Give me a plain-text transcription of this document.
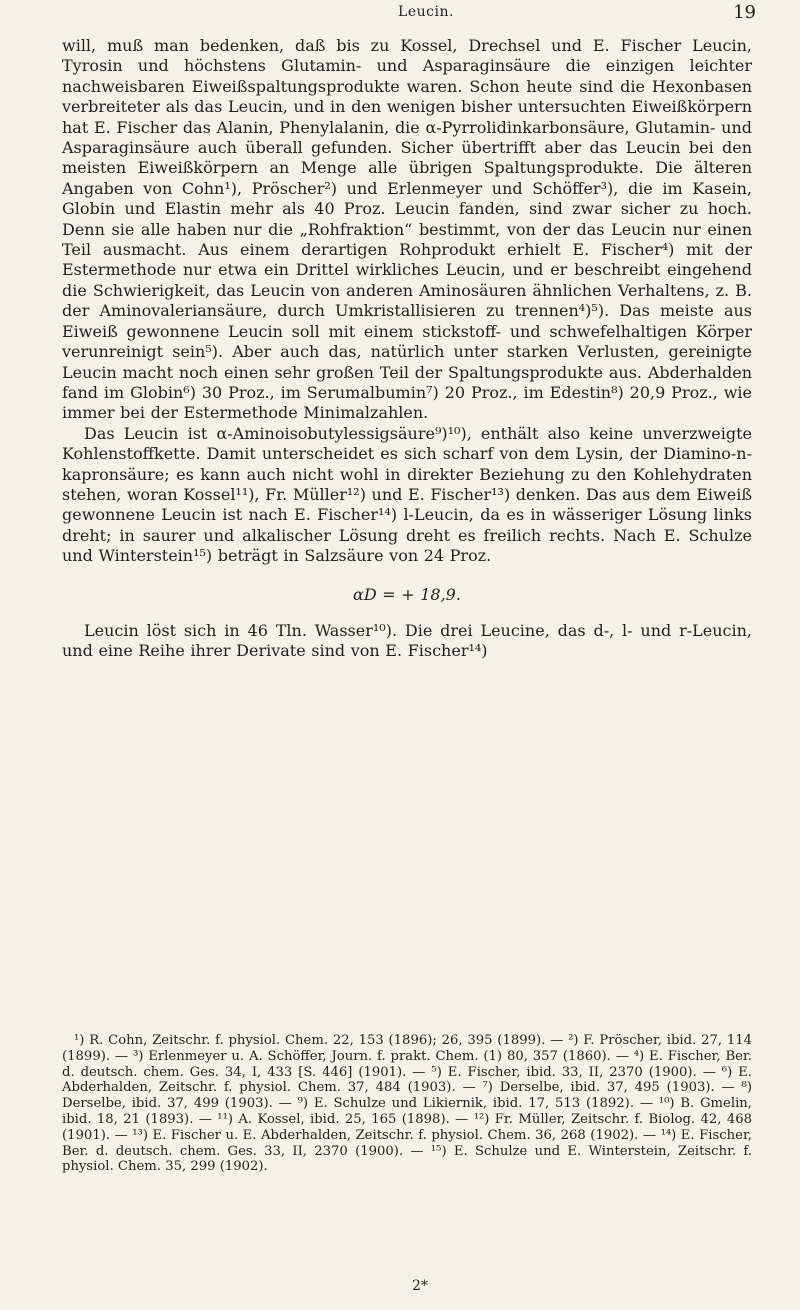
Leucin.	19

will, muß man bedenken, daß bis zu Kossel, Drechsel und E. Fischer Leucin, Tyrosin und höchstens Glutamin- und Asparaginsäure die einzigen leichter nachweisbaren Eiweißspaltungsprodukte waren. Schon heute sind die Hexonbasen verbreiteter als das Leucin, und in den wenigen bisher untersuchten Eiweißkörpern hat E. Fischer das Alanin, Phenylalanin, die α-Pyrrolidinkarbonsäure, Glutamin- und Asparaginsäure auch überall gefunden. Sicher übertrifft aber das Leucin bei den meisten Eiweißkörpern an Menge alle übrigen Spaltungsprodukte. Die älteren Angaben von Cohn¹), Pröscher²) und Erlenmeyer und Schöffer³), die im Kasein, Globin und Elastin mehr als 40 Proz. Leucin fanden, sind zwar sicher zu hoch. Denn sie alle haben nur die „Rohfraktion“ bestimmt, von der das Leucin nur einen Teil ausmacht. Aus einem derartigen Rohprodukt erhielt E. Fischer⁴) mit der Estermethode nur etwa ein Drittel wirkliches Leucin, und er beschreibt eingehend die Schwierigkeit, das Leucin von anderen Aminosäuren ähnlichen Verhaltens, z. B. der Aminovaleriansäure, durch Umkristallisieren zu trennen⁴)⁵). Das meiste aus Eiweiß gewonnene Leucin soll mit einem stickstoff- und schwefelhaltigen Körper verunreinigt sein⁵). Aber auch das, natürlich unter starken Verlusten, gereinigte Leucin macht noch einen sehr großen Teil der Spaltungsprodukte aus. Abderhalden fand im Globin⁶) 30 Proz., im Serumalbumin⁷) 20 Proz., im Edestin⁸) 20,9 Proz., wie immer bei der Estermethode Minimalzahlen.

Das Leucin ist α-Aminoisobutylessigsäure⁹)¹⁰), enthält also keine unverzweigte Kohlenstoffkette. Damit unterscheidet es sich scharf von dem Lysin, der Diamino-n-kapronsäure; es kann auch nicht wohl in direkter Beziehung zu den Kohlehydraten stehen, woran Kossel¹¹), Fr. Müller¹²) und E. Fischer¹³) denken. Das aus dem Eiweiß gewonnene Leucin ist nach E. Fischer¹⁴) l-Leucin, da es in wässeriger Lösung links dreht; in saurer und alkalischer Lösung dreht es freilich rechts. Nach E. Schulze und Winterstein¹⁵) beträgt in Salzsäure von 24 Proz.

αD = + 18,9.

Leucin löst sich in 46 Tln. Wasser¹⁰). Die drei Leucine, das d-, l- und r-Leucin, und eine Reihe ihrer Derivate sind von E. Fischer¹⁴)

¹) R. Cohn, Zeitschr. f. physiol. Chem. 22, 153 (1896); 26, 395 (1899). — ²) F. Pröscher, ibid. 27, 114 (1899). — ³) Erlenmeyer u. A. Schöffer, Journ. f. prakt. Chem. (1) 80, 357 (1860). — ⁴) E. Fischer, Ber. d. deutsch. chem. Ges. 34, I, 433 [S. 446] (1901). — ⁵) E. Fischer, ibid. 33, II, 2370 (1900). — ⁶) E. Abderhalden, Zeitschr. f. physiol. Chem. 37, 484 (1903). — ⁷) Derselbe, ibid. 37, 495 (1903). — ⁸) Derselbe, ibid. 37, 499 (1903). — ⁹) E. Schulze und Likiernik, ibid. 17, 513 (1892). — ¹⁰) B. Gmelin, ibid. 18, 21 (1893). — ¹¹) A. Kossel, ibid. 25, 165 (1898). — ¹²) Fr. Müller, Zeitschr. f. Biolog. 42, 468 (1901). — ¹³) E. Fischer u. E. Abderhalden, Zeitschr. f. physiol. Chem. 36, 268 (1902). — ¹⁴) E. Fischer, Ber. d. deutsch. chem. Ges. 33, II, 2370 (1900). — ¹⁵) E. Schulze und E. Winterstein, Zeitschr. f. physiol. Chem. 35, 299 (1902).

2*
